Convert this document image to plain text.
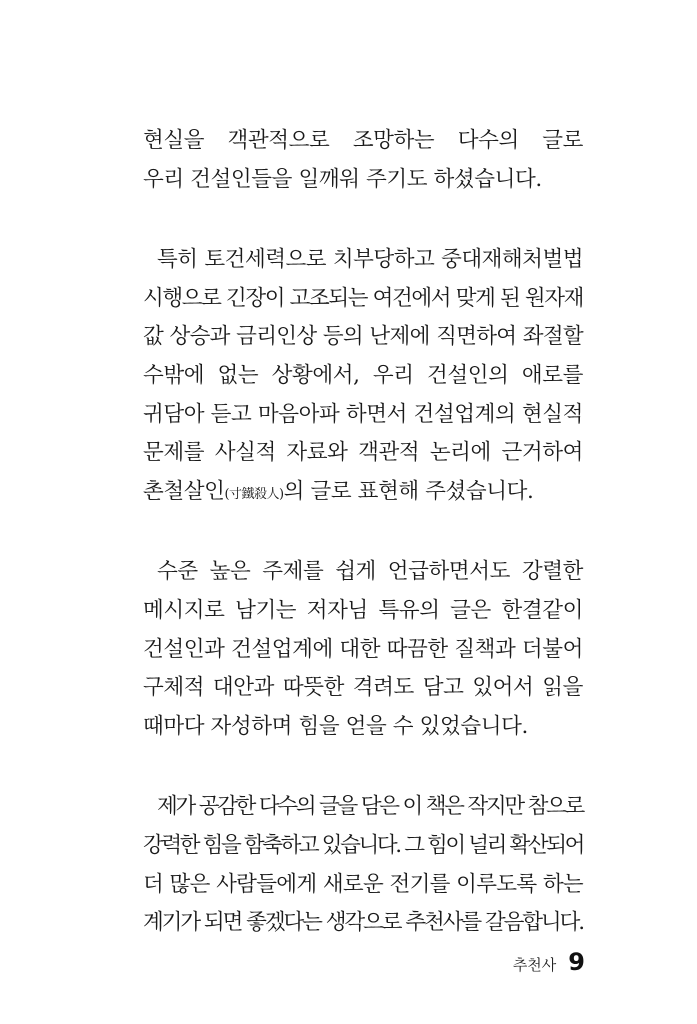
현실을 객관적으로 조망하는 다수의 글로
우리 건설인들을 일깨워 주기도 하셨습니다.
특히 토건세력으로 치부당하고 중대재해처벌법
시행으로 긴장이 고조되는 여건에서 맞게 된 원자재
값 상승과 금리인상 등의 난제에 직면하여 좌절할
수밖에 없는 상황에서, 우리 건설인의 애로를
귀담아 듣고 마음아파 하면서 건설업계의 현실적
문제를 사실적 자료와 객관적 논리에 근거하여
촌철살인(寸鐵殺人)의 글로 표현해 주셨습니다.
수준 높은 주제를 쉽게 언급하면서도 강렬한
메시지로 남기는 저자님 특유의 글은 한결같이
건설인과 건설업계에 대한 따끔한 질책과 더불어
구체적 대안과 따뜻한 격려도 담고 있어서 읽을
때마다 자성하며 힘을 얻을 수 있었습니다.
제가 공감한 다수의 글을 담은 이 책은 작지만 참으로
강력한 힘을 함축하고 있습니다. 그 힘이 널리 확산되어
더 많은 사람들에게 새로운 전기를 이루도록 하는
계기가 되면 좋겠다는 생각으로 추천사를 갈음합니다.
추천사 9
